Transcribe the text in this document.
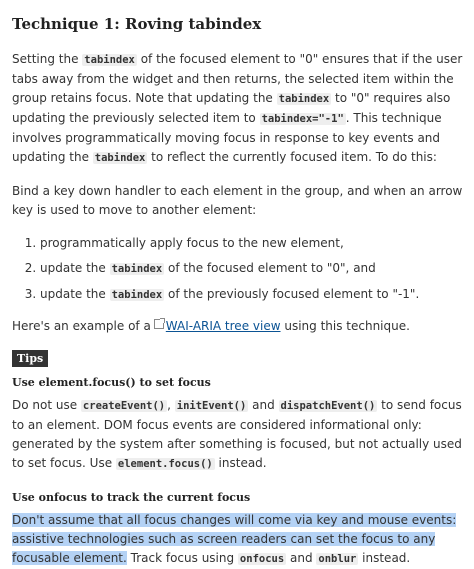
Technique 1: Roving tabindex

Setting the tabindex of the focused element to "0" ensures that if the user tabs away from the widget and then returns, the selected item within the group retains focus. Note that updating the tabindex to "0" requires also updating the previously selected item to tabindex="-1" . This technique involves programmatically moving focus in response to key events and updating the tabindex to reflect the currently focused item. To do this:

Bind a key down handler to each element in the group, and when an arrow key is used to move to another element:

1. programmatically apply focus to the new element,
2. update the tabindex of the focused element to "0", and
3. update the tabindex of the previously focused element to "-1".

Here's an example of a WAI-ARIA tree view using this technique.

Tips
Use element.focus() to set focus

Do not use createEvent() , initEvent() and dispatchEvent() to send focus to an element. DOM focus events are considered informational only: generated by the system after something is focused, but not actually used to set focus. Use element.focus() instead.

Use onfocus to track the current focus

Don't assume that all focus changes will come via key and mouse events: assistive technologies such as screen readers can set the focus to any focusable element. Track focus using onfocus and onblur instead.
